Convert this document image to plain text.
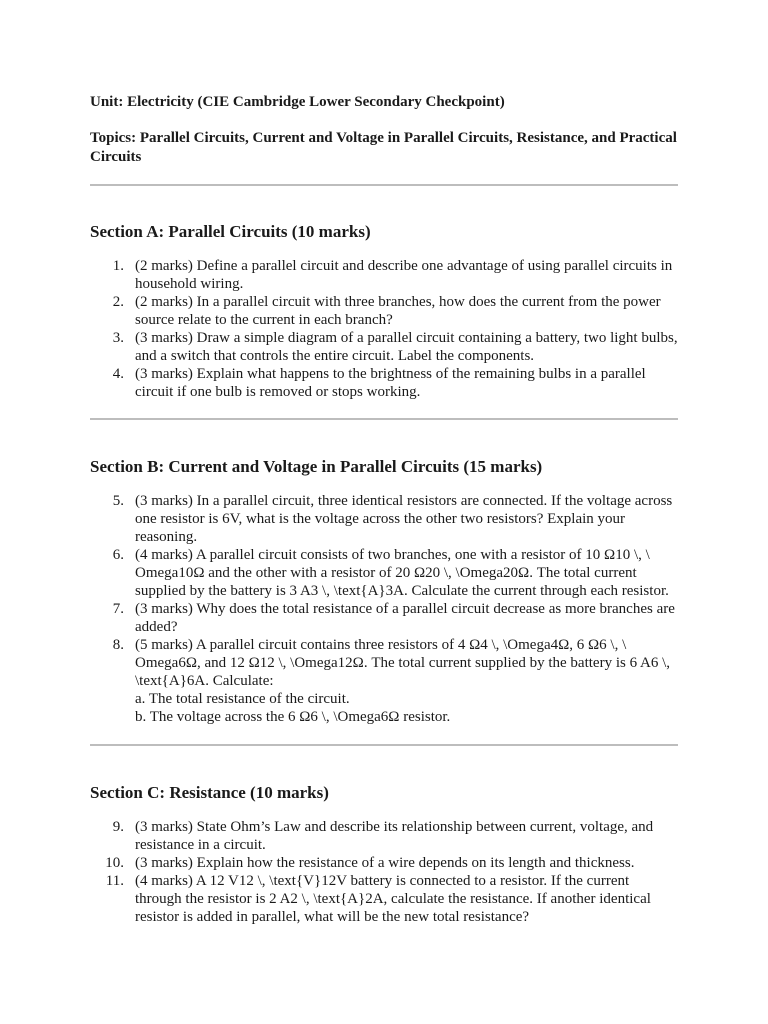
Unit: Electricity (CIE Cambridge Lower Secondary Checkpoint)

Topics: Parallel Circuits, Current and Voltage in Parallel Circuits, Resistance, and Practical Circuits

Section A: Parallel Circuits (10 marks)
1. (2 marks) Define a parallel circuit and describe one advantage of using parallel circuits in household wiring.
2. (2 marks) In a parallel circuit with three branches, how does the current from the power source relate to the current in each branch?
3. (3 marks) Draw a simple diagram of a parallel circuit containing a battery, two light bulbs, and a switch that controls the entire circuit. Label the components.
4. (3 marks) Explain what happens to the brightness of the remaining bulbs in a parallel circuit if one bulb is removed or stops working.
Section B: Current and Voltage in Parallel Circuits (15 marks)
5. (3 marks) In a parallel circuit, three identical resistors are connected. If the voltage across one resistor is 6V, what is the voltage across the other two resistors? Explain your reasoning.
6. (4 marks) A parallel circuit consists of two branches, one with a resistor of 10 Ω10 \, \ Omega10Ω and the other with a resistor of 20 Ω20 \, \Omega20Ω. The total current supplied by the battery is 3 A3 \, \text{A}3A. Calculate the current through each resistor.
7. (3 marks) Why does the total resistance of a parallel circuit decrease as more branches are added?
8. (5 marks) A parallel circuit contains three resistors of 4 Ω4 \, \Omega4Ω, 6 Ω6 \, \ Omega6Ω, and 12 Ω12 \, \Omega12Ω. The total current supplied by the battery is 6 A6 \, \text{A}6A. Calculate:
a. The total resistance of the circuit.
b. The voltage across the 6 Ω6 \, \Omega6Ω resistor.
Section C: Resistance (10 marks)
9. (3 marks) State Ohm’s Law and describe its relationship between current, voltage, and resistance in a circuit.
10. (3 marks) Explain how the resistance of a wire depends on its length and thickness.
11. (4 marks) A 12 V12 \, \text{V}12V battery is connected to a resistor. If the current through the resistor is 2 A2 \, \text{A}2A, calculate the resistance. If another identical resistor is added in parallel, what will be the new total resistance?
